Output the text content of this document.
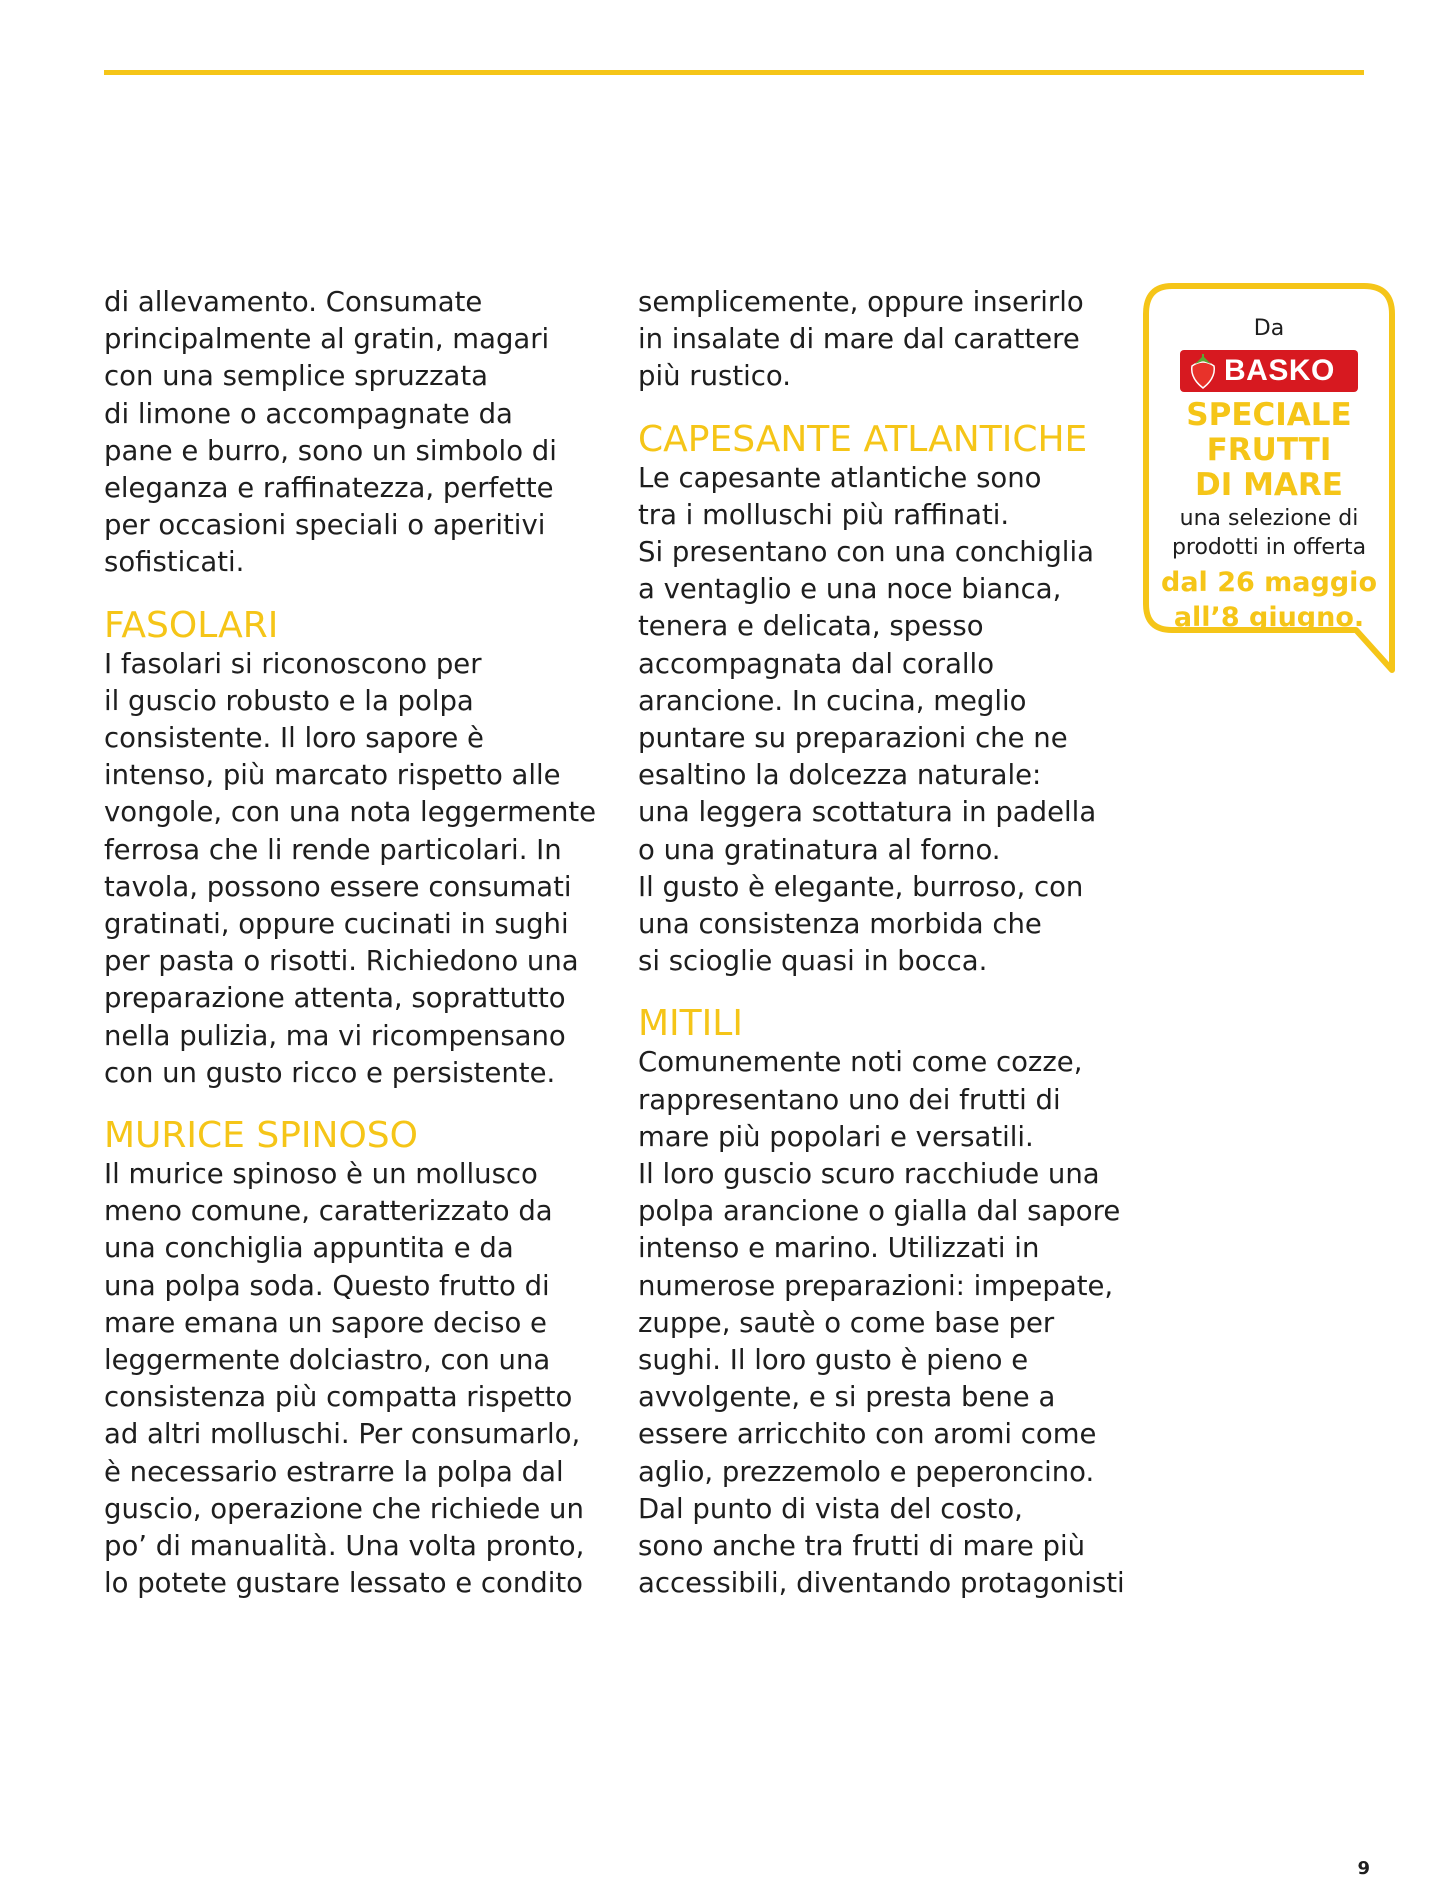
di allevamento. Consumate
principalmente al gratin, magari
con una semplice spruzzata
di limone o accompagnate da
pane e burro, sono un simbolo di
eleganza e raffinatezza, perfette
per occasioni speciali o aperitivi
sofisticati.

FASOLARI

I fasolari si riconoscono per
il guscio robusto e la polpa
consistente. Il loro sapore è
intenso, più marcato rispetto alle
vongole, con una nota leggermente
ferrosa che li rende particolari. In
tavola, possono essere consumati
gratinati, oppure cucinati in sughi
per pasta o risotti. Richiedono una
preparazione attenta, soprattutto
nella pulizia, ma vi ricompensano
con un gusto ricco e persistente.

MURICE SPINOSO

Il murice spinoso è un mollusco
meno comune, caratterizzato da
una conchiglia appuntita e da
una polpa soda. Questo frutto di
mare emana un sapore deciso e
leggermente dolciastro, con una
consistenza più compatta rispetto
ad altri molluschi. Per consumarlo,
è necessario estrarre la polpa dal
guscio, operazione che richiede un
po’ di manualità. Una volta pronto,
lo potete gustare lessato e condito

semplicemente, oppure inserirlo
in insalate di mare dal carattere
più rustico.

CAPESANTE ATLANTICHE

Le capesante atlantiche sono
tra i molluschi più raffinati.
Si presentano con una conchiglia
a ventaglio e una noce bianca,
tenera e delicata, spesso
accompagnata dal corallo
arancione. In cucina, meglio
puntare su preparazioni che ne
esaltino la dolcezza naturale:
una leggera scottatura in padella
o una gratinatura al forno.
Il gusto è elegante, burroso, con
una consistenza morbida che
si scioglie quasi in bocca.

MITILI

Comunemente noti come cozze,
rappresentano uno dei frutti di
mare più popolari e versatili.
Il loro guscio scuro racchiude una
polpa arancione o gialla dal sapore
intenso e marino. Utilizzati in
numerose preparazioni: impepate,
zuppe, sautè o come base per
sughi. Il loro gusto è pieno e
avvolgente, e si presta bene a
essere arricchito con aromi come
aglio, prezzemolo e peperoncino.
Dal punto di vista del costo,
sono anche tra frutti di mare più
accessibili, diventando protagonisti

Da
BASKO
SPECIALE
FRUTTI
DI MARE
una selezione di
prodotti in offerta
dal 26 maggio
all’8 giugno.
9
